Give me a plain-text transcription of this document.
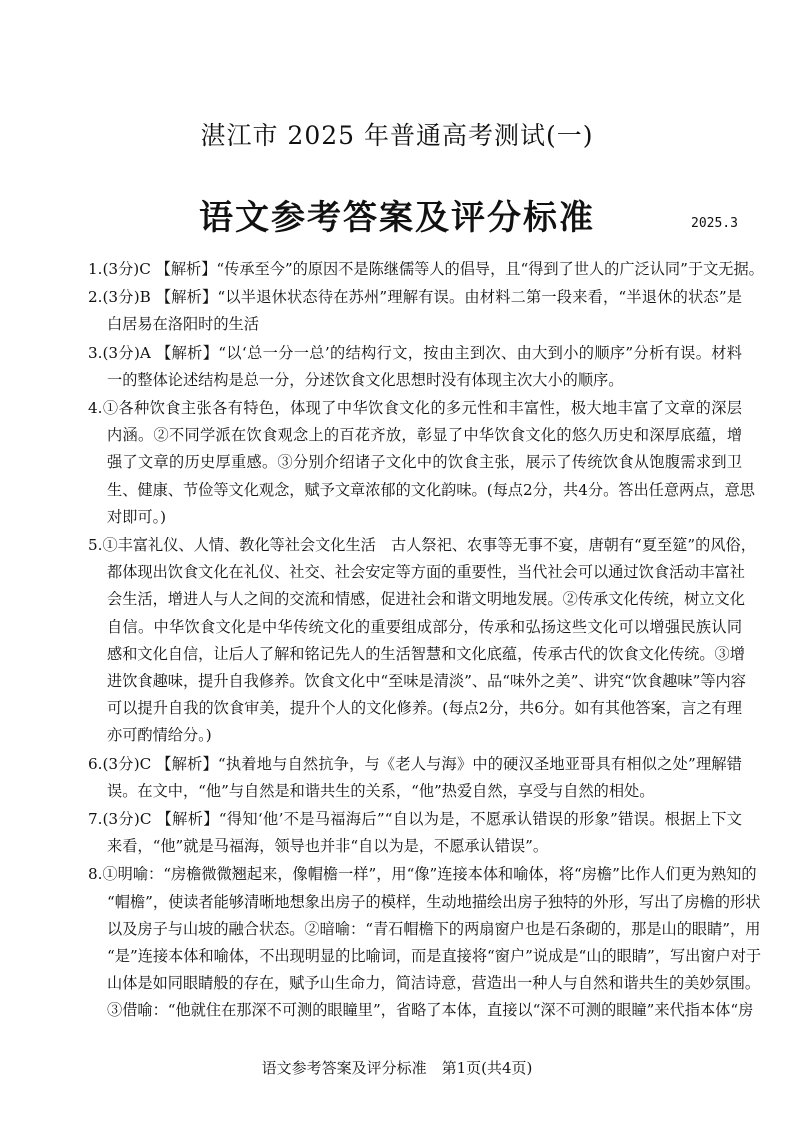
湛江市 2025 年普通高考测试(一)
语文参考答案及评分标准	2025.3
1.(3分)C 【解析】“传承至今”的原因不是陈继儒等人的倡导，且“得到了世人的广泛认同”于文无据。
2.(3分)B 【解析】“以半退休状态待在苏州”理解有误。由材料二第一段来看，“半退休的状态”是
白居易在洛阳时的生活
3.(3分)A 【解析】“以‘总一分一总’的结构行文，按由主到次、由大到小的顺序”分析有误。材料
一的整体论述结构是总一分，分述饮食文化思想时没有体现主次大小的顺序。
4.①各种饮食主张各有特色，体现了中华饮食文化的多元性和丰富性，极大地丰富了文章的深层
内涵。②不同学派在饮食观念上的百花齐放，彰显了中华饮食文化的悠久历史和深厚底蕴，增
强了文章的历史厚重感。③分别介绍诸子文化中的饮食主张，展示了传统饮食从饱腹需求到卫
生、健康、节俭等文化观念，赋予文章浓郁的文化韵味。(每点2分，共4分。答出任意两点，意思
对即可。)
5.①丰富礼仪、人情、教化等社会文化生活　古人祭祀、农事等无事不宴，唐朝有“夏至筵”的风俗，
都体现出饮食文化在礼仪、社交、社会安定等方面的重要性，当代社会可以通过饮食活动丰富社
会生活，增进人与人之间的交流和情感，促进社会和谐文明地发展。②传承文化传统，树立文化
自信。中华饮食文化是中华传统文化的重要组成部分，传承和弘扬这些文化可以增强民族认同
感和文化自信，让后人了解和铭记先人的生活智慧和文化底蕴，传承古代的饮食文化传统。③增
进饮食趣味，提升自我修养。饮食文化中“至味是清淡”、品“味外之美”、讲究“饮食趣味”等内容
可以提升自我的饮食审美，提升个人的文化修养。(每点2分，共6分。如有其他答案，言之有理
亦可酌情给分。)
6.(3分)C 【解析】“执着地与自然抗争，与《老人与海》中的硬汉圣地亚哥具有相似之处”理解错
误。在文中，“他”与自然是和谐共生的关系，“他”热爱自然，享受与自然的相处。
7.(3分)C 【解析】“得知‘他’不是马福海后”“自以为是，不愿承认错误的形象”错误。根据上下文
来看，“他”就是马福海，领导也并非“自以为是，不愿承认错误”。
8.①明喻：“房檐微微翘起来，像帽檐一样”，用“像”连接本体和喻体，将“房檐”比作人们更为熟知的
“帽檐”，使读者能够清晰地想象出房子的模样，生动地描绘出房子独特的外形，写出了房檐的形状
以及房子与山坡的融合状态。②暗喻：“青石帽檐下的两扇窗户也是石条砌的，那是山的眼睛”，用
“是”连接本体和喻体，不出现明显的比喻词，而是直接将“窗户”说成是“山的眼睛”，写出窗户对于
山体是如同眼睛般的存在，赋予山生命力，简洁诗意，营造出一种人与自然和谐共生的美妙氛围。
③借喻：“他就住在那深不可测的眼瞳里”，省略了本体，直接以“深不可测的眼瞳”来代指本体“房
语文参考答案及评分标准　第1页(共4页)
